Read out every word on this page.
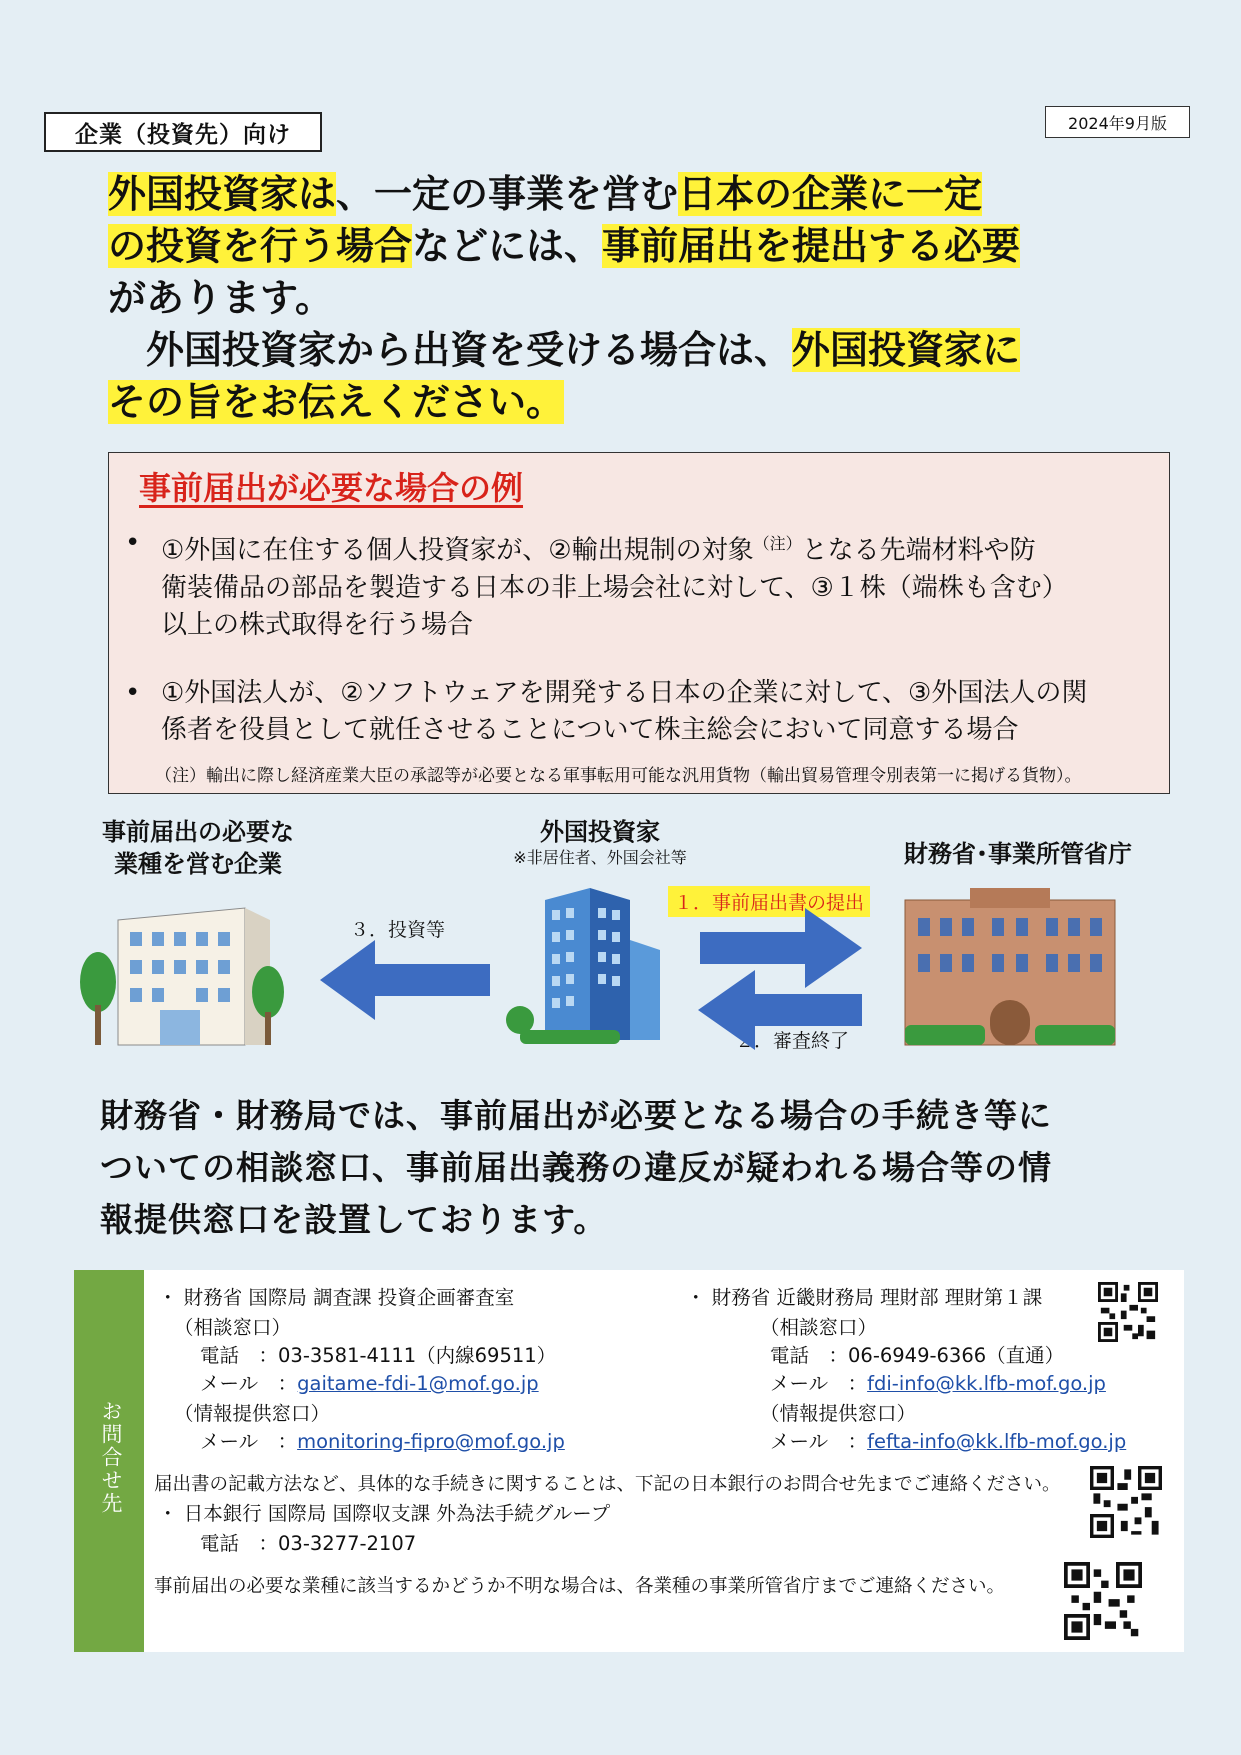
企業（投資先）向け	2024年9月版
外国投資家は、一定の事業を営む日本の企業に一定
の投資を行う場合などには、事前届出を提出する必要
があります。
　外国投資家から出資を受ける場合は、外国投資家に
その旨をお伝えください。
事前届出が必要な場合の例
• ①外国に在住する個人投資家が、②輸出規制の対象$^{(注)}$となる先端材料や防
衛装備品の部品を製造する日本の非上場会社に対して、③１株（端株も含む）
以上の株式取得を行う場合
• ①外国法人が、②ソフトウェアを開発する日本の企業に対して、③外国法人の関
係者を役員として就任させることについて株主総会において同意する場合
（注）輸出に際し経済産業大臣の承認等が必要となる軍事転用可能な汎用貨物（輸出貿易管理令別表第一に掲げる貨物）。
事前届出の必要な
業種を営む企業
外国投資家
※非居住者、外国会社等	財務省･事業所管省庁
１．事前届出書の提出
３．投資等
２．審査終了
財務省・財務局では、事前届出が必要となる場合の手続き等に
ついての相談窓口、事前届出義務の違反が疑われる場合等の情
報提供窓口を設置しております。
お問合せ先
・ 財務省 国際局 調査課 投資企画審査室
（相談窓口）
電話　：03-3581-4111（内線69511）
メール　：gaitame-fdi-1@mof.go.jp
（情報提供窓口）
メール　：monitoring-fipro@mof.go.jp
・ 財務省 近畿財務局 理財部 理財第１課
（相談窓口）
電話　：06-6949-6366（直通）
メール　：fdi-info@kk.lfb-mof.go.jp
（情報提供窓口）
メール　：fefta-info@kk.lfb-mof.go.jp
届出書の記載方法など、具体的な手続きに関することは、下記の日本銀行のお問合せ先までご連絡ください。
・ 日本銀行 国際局 国際収支課 外為法手続グループ
電話　：03-3277-2107
事前届出の必要な業種に該当するかどうか不明な場合は、各業種の事業所管省庁までご連絡ください。
